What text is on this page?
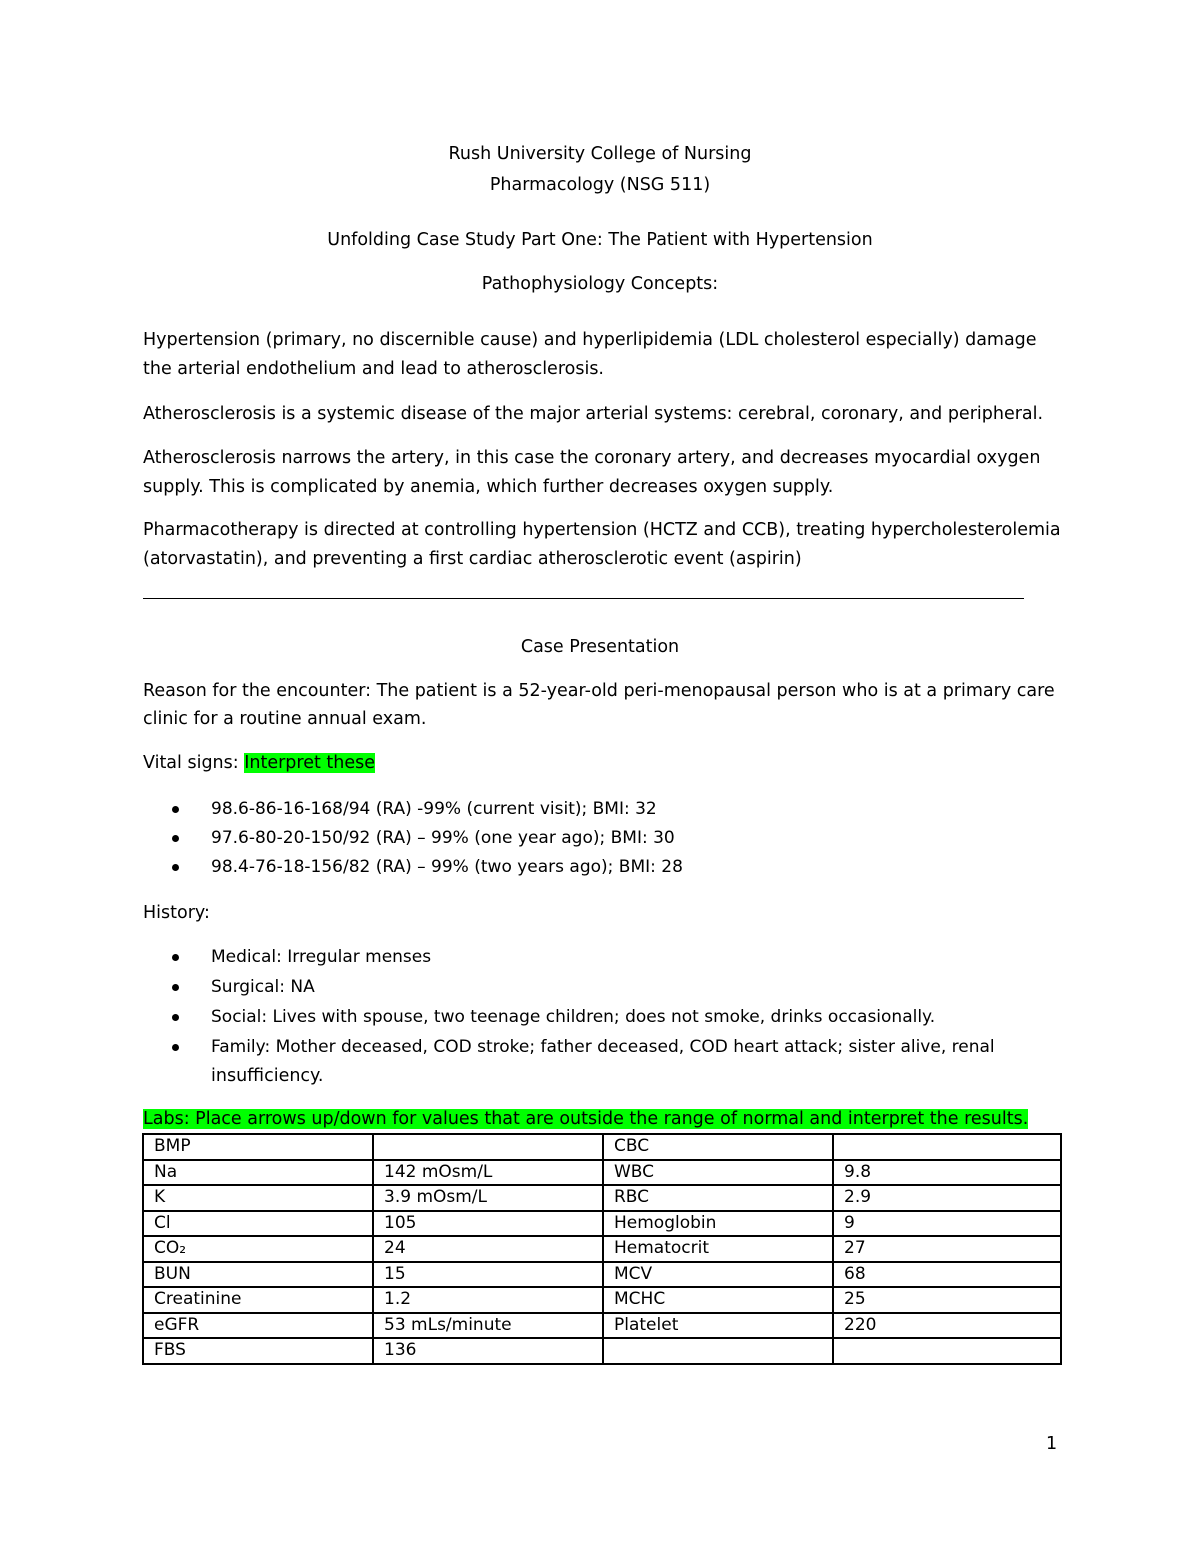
Rush University College of Nursing
Pharmacology (NSG 511)
Unfolding Case Study Part One: The Patient with Hypertension
Pathophysiology Concepts:
Hypertension (primary, no discernible cause) and hyperlipidemia (LDL cholesterol especially) damage
the arterial endothelium and lead to atherosclerosis.
Atherosclerosis is a systemic disease of the major arterial systems: cerebral, coronary, and peripheral.
Atherosclerosis narrows the artery, in this case the coronary artery, and decreases myocardial oxygen
supply. This is complicated by anemia, which further decreases oxygen supply.
Pharmacotherapy is directed at controlling hypertension (HCTZ and CCB), treating hypercholesterolemia
(atorvastatin), and preventing a first cardiac atherosclerotic event (aspirin)
Case Presentation
Reason for the encounter: The patient is a 52-year-old peri-menopausal person who is at a primary care
clinic for a routine annual exam.
Vital signs: Interpret these
98.6-86-16-168/94 (RA) -99% (current visit); BMI: 32
97.6-80-20-150/92 (RA) – 99% (one year ago); BMI: 30
98.4-76-18-156/82 (RA) – 99% (two years ago); BMI: 28
History:
Medical: Irregular menses
Surgical: NA
Social: Lives with spouse, two teenage children; does not smoke, drinks occasionally.
Family: Mother deceased, COD stroke; father deceased, COD heart attack; sister alive, renal
insufficiency.
Labs: Place arrows up/down for values that are outside the range of normal and interpret the results.
BMP		CBC	
Na	142 mOsm/L	WBC	9.8
K	3.9 mOsm/L	RBC	2.9
Cl	105	Hemoglobin	9
CO₂	24	Hematocrit	27
BUN	15	MCV	68
Creatinine	1.2	MCHC	25
eGFR	53 mLs/minute	Platelet	220
FBS	136		
1
